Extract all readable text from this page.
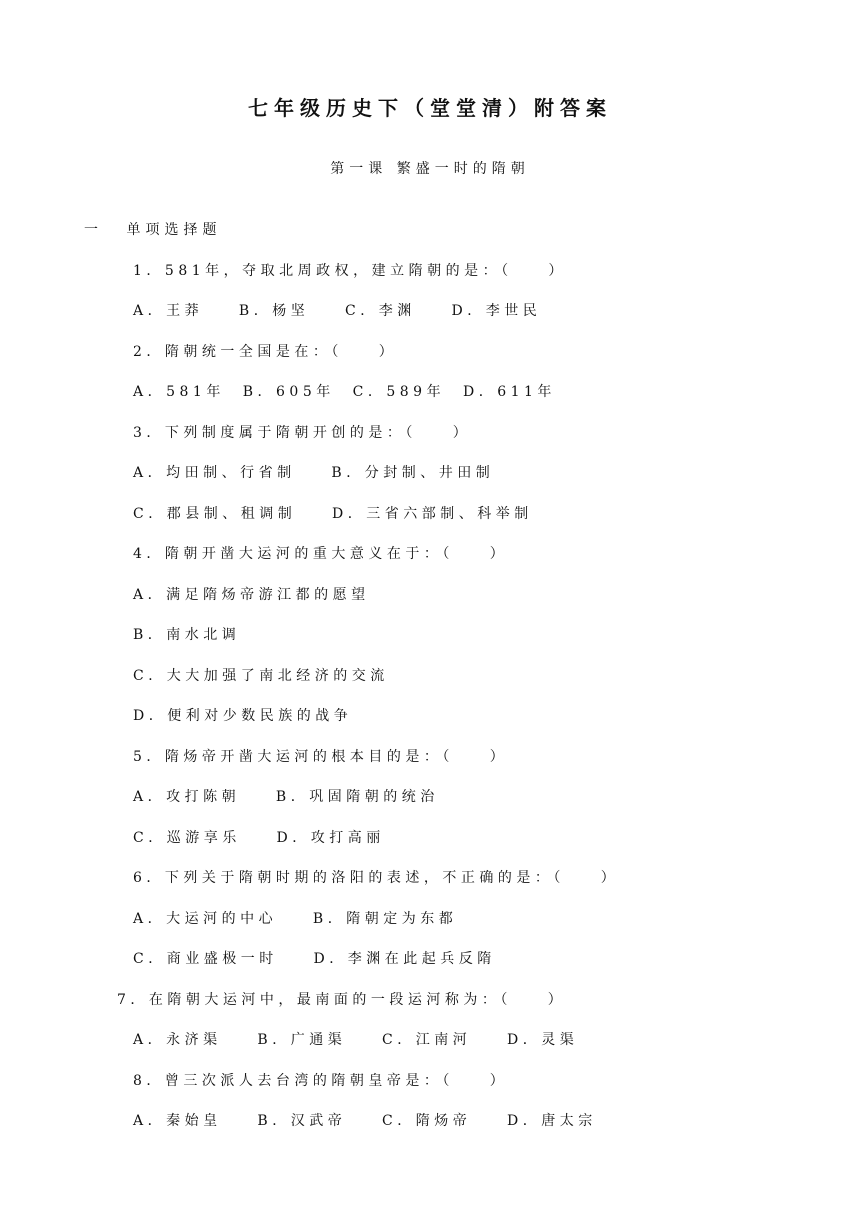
七年级历史下（堂堂清）附答案
第一课 繁盛一时的隋朝
一 单项选择题
1．581年，夺取北周政权，建立隋朝的是：（    ）
A．王莽    B．杨坚    C．李渊    D．李世民
2．隋朝统一全国是在：（    ）
A．581年  B．605年  C．589年  D．611年
3．下列制度属于隋朝开创的是：（    ）
A．均田制、行省制    B．分封制、井田制
C．郡县制、租调制    D．三省六部制、科举制
4．隋朝开凿大运河的重大意义在于：（    ）
A．满足隋炀帝游江都的愿望
B．南水北调
C．大大加强了南北经济的交流
D．便利对少数民族的战争
5．隋炀帝开凿大运河的根本目的是：（    ）
A．攻打陈朝    B．巩固隋朝的统治
C．巡游享乐    D．攻打高丽
6．下列关于隋朝时期的洛阳的表述，不正确的是：（    ）
A．大运河的中心    B．隋朝定为东都
C．商业盛极一时    D．李渊在此起兵反隋
7．在隋朝大运河中，最南面的一段运河称为：（    ）
A．永济渠    B．广通渠    C．江南河    D．灵渠
8．曾三次派人去台湾的隋朝皇帝是：（    ）
A．秦始皇    B．汉武帝    C．隋炀帝    D．唐太宗
